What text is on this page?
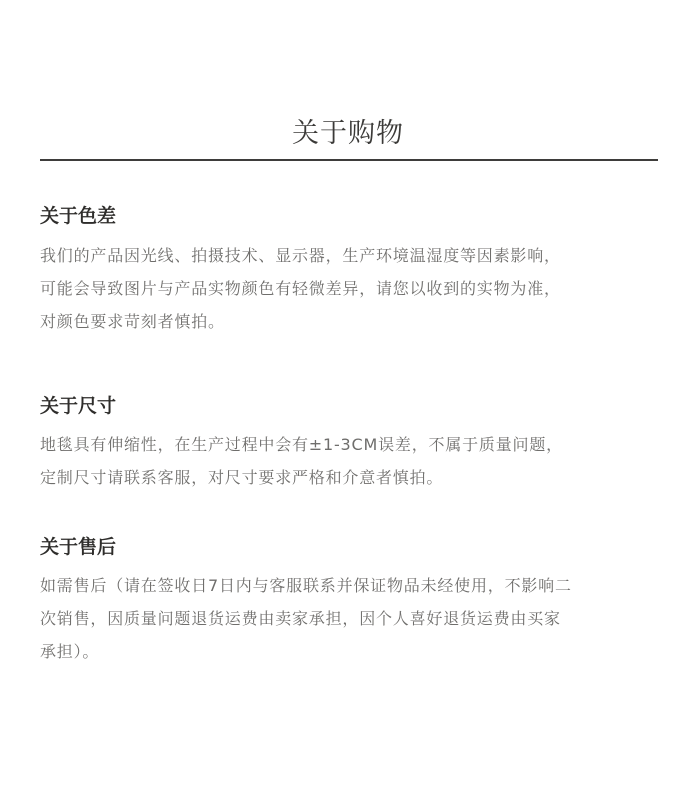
关于购物
关于色差
我们的产品因光线、拍摄技术、显示器，生产环境温湿度等因素影响，
可能会导致图片与产品实物颜色有轻微差异，请您以收到的实物为准，
对颜色要求苛刻者慎拍。
关于尺寸
地毯具有伸缩性，在生产过程中会有±1-3CM误差，不属于质量问题，
定制尺寸请联系客服，对尺寸要求严格和介意者慎拍。
关于售后
如需售后（请在签收日7日内与客服联系并保证物品未经使用，不影响二
次销售，因质量问题退货运费由卖家承担，因个人喜好退货运费由买家
承担）。
